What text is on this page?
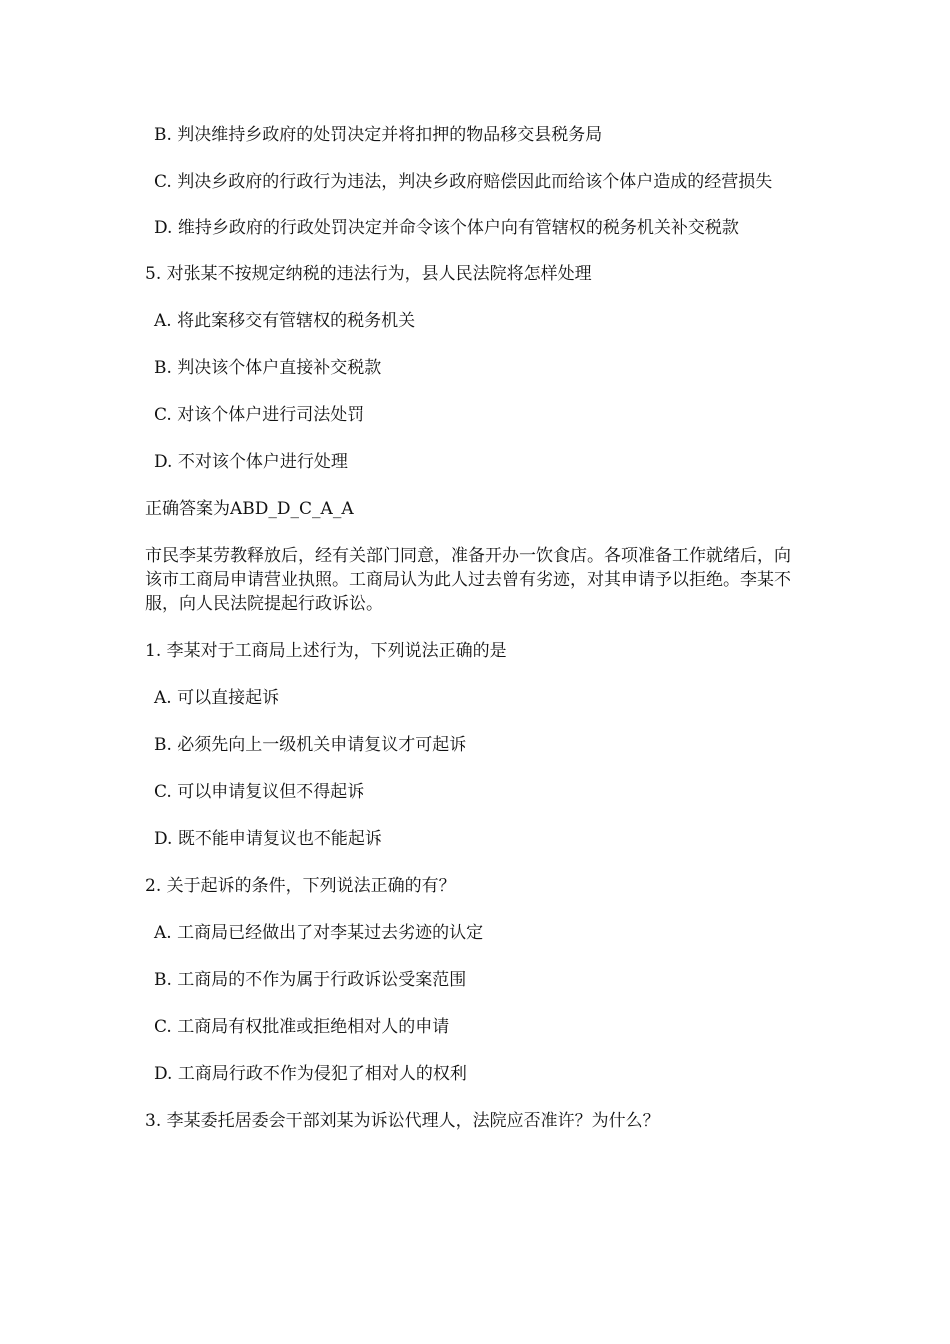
B. 判决维持乡政府的处罚决定并将扣押的物品移交县税务局

C. 判决乡政府的行政行为违法，判决乡政府赔偿因此而给该个体户造成的经营损失

D. 维持乡政府的行政处罚决定并命令该个体户向有管辖权的税务机关补交税款

5. 对张某不按规定纳税的违法行为，县人民法院将怎样处理

A. 将此案移交有管辖权的税务机关

B. 判决该个体户直接补交税款

C. 对该个体户进行司法处罚

D. 不对该个体户进行处理

正确答案为ABD_D_C_A_A

市民李某劳教释放后，经有关部门同意，准备开办一饮食店。各项准备工作就绪后，向该市工商局申请营业执照。工商局认为此人过去曾有劣迹，对其申请予以拒绝。李某不服，向人民法院提起行政诉讼。

1. 李某对于工商局上述行为，下列说法正确的是

A. 可以直接起诉

B. 必须先向上一级机关申请复议才可起诉

C. 可以申请复议但不得起诉

D. 既不能申请复议也不能起诉

2. 关于起诉的条件，下列说法正确的有？

A. 工商局已经做出了对李某过去劣迹的认定

B. 工商局的不作为属于行政诉讼受案范围

C. 工商局有权批准或拒绝相对人的申请

D. 工商局行政不作为侵犯了相对人的权利

3. 李某委托居委会干部刘某为诉讼代理人，法院应否准许？为什么？
